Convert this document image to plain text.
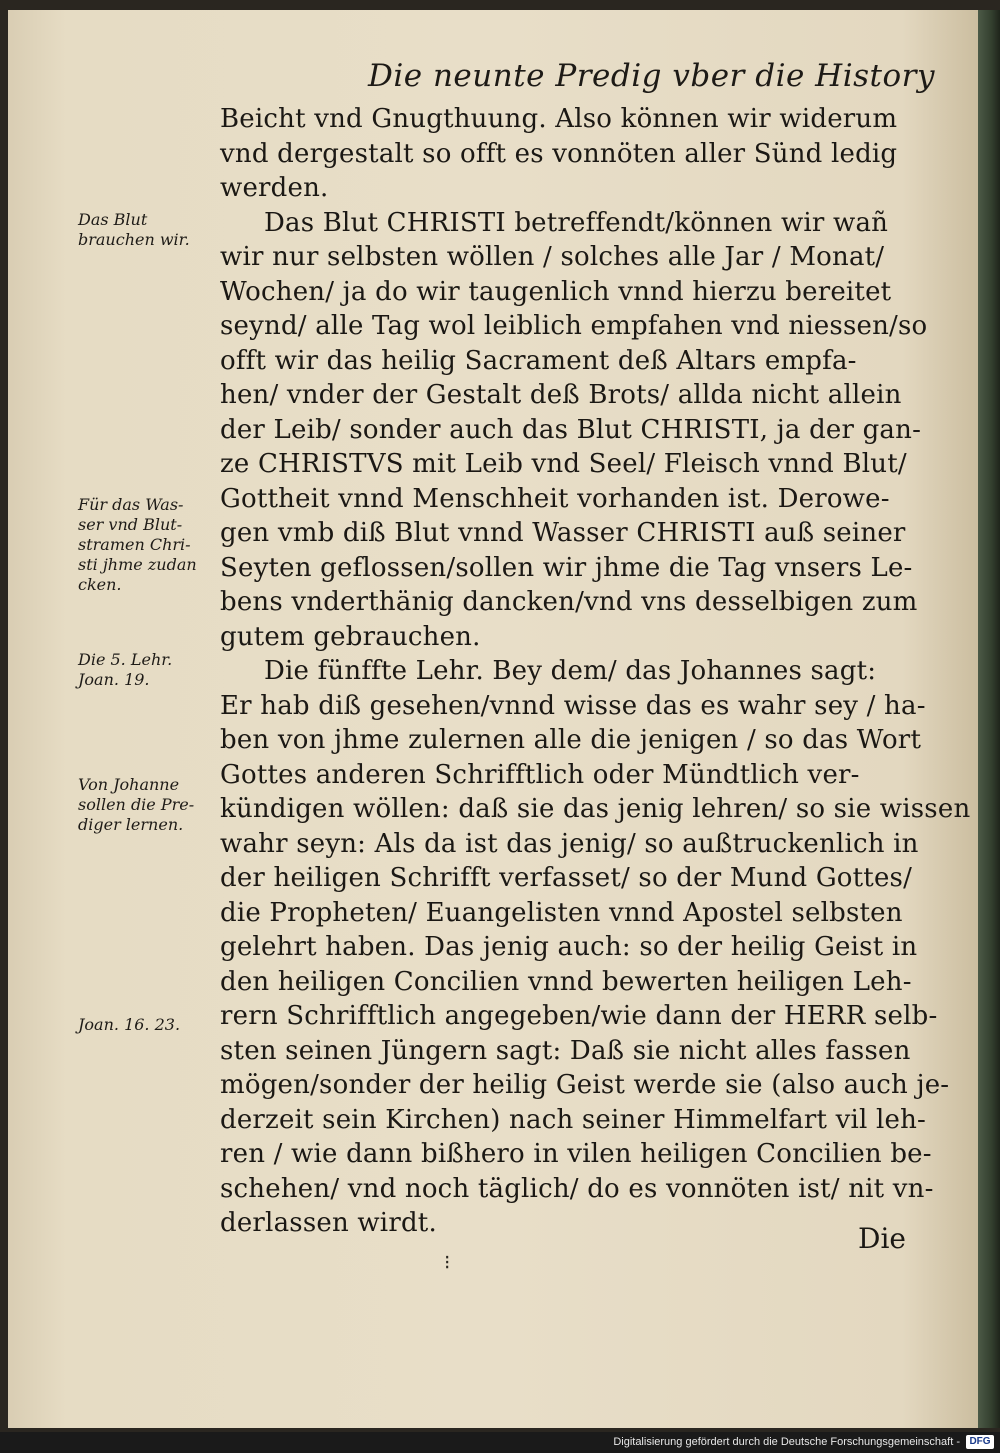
Die neunte Predig vber die History
Beicht vnd Gnugthuung. Also können wir widerum
vnd dergestalt so offt es vonnöten aller Sünd ledig
werden.
Das Blut CHRISTI betreffendt/können wir wañ
wir nur selbsten wöllen / solches alle Jar / Monat/
Wochen/ ja do wir taugenlich vnnd hierzu bereitet
seynd/ alle Tag wol leiblich empfahen vnd niessen/so
offt wir das heilig Sacrament deß Altars empfa-
hen/ vnder der Gestalt deß Brots/ allda nicht allein
der Leib/ sonder auch das Blut CHRISTI, ja der gan-
ze CHRISTVS mit Leib vnd Seel/ Fleisch vnnd Blut/
Gottheit vnnd Menschheit vorhanden ist. Derowe-
gen vmb diß Blut vnnd Wasser CHRISTI auß seiner
Seyten geflossen/sollen wir jhme die Tag vnsers Le-
bens vnderthänig dancken/vnd vns desselbigen zum
gutem gebrauchen.
Die fünffte Lehr. Bey dem/ das Johannes sagt:
Er hab diß gesehen/vnnd wisse das es wahr sey / ha-
ben von jhme zulernen alle die jenigen / so das Wort
Gottes anderen Schrifftlich oder Mündtlich ver-
kündigen wöllen: daß sie das jenig lehren/ so sie wissen
wahr seyn: Als da ist das jenig/ so außtruckenlich in
der heiligen Schrifft verfasset/ so der Mund Gottes/
die Propheten/ Euangelisten vnnd Apostel selbsten
gelehrt haben. Das jenig auch: so der heilig Geist in
den heiligen Concilien vnnd bewerten heiligen Leh-
rern Schrifftlich angegeben/wie dann der HERR selb-
sten seinen Jüngern sagt: Daß sie nicht alles fassen
mögen/sonder der heilig Geist werde sie (also auch je-
derzeit sein Kirchen) nach seiner Himmelfart vil leh-
ren / wie dann bißhero in vilen heiligen Concilien be-
schehen/ vnd noch täglich/ do es vonnöten ist/ nit vn-
derlassen wirdt.
Das Blut
brauchen wir.
Für das Was-
ser vnd Blut-
stramen Chri-
sti jhme zudan
cken.
Die 5. Lehr.
Joan. 19.
Von Johanne
sollen die Pre-
diger lernen.
Joan. 16. 23.
Die
⁝
Digitalisierung gefördert durch die Deutsche Forschungsgemeinschaft - DFG
